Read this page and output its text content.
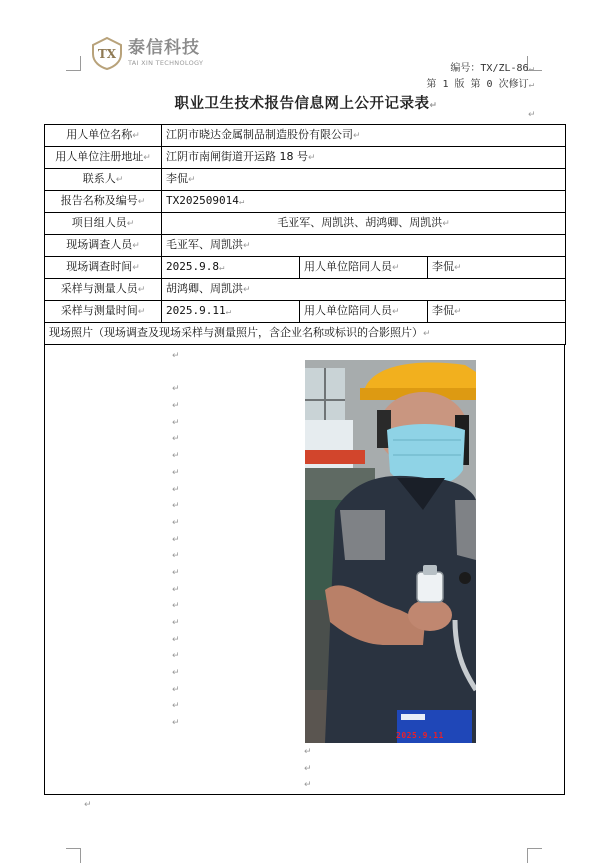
TX 泰信科技
TAI XIN TECHNOLOGY	编号：TX/ZL-86↵
第 1 版 第 0 次修订↵
职业卫生技术报告信息网上公开记录表↵
↵
用人单位名称↵	江阴市晓达金属制品制造股份有限公司↵		
用人单位注册地址↵	江阴市南闸街道开运路 18 号↵		
联系人↵	李侃↵		
报告名称及编号↵	TX202509014↵		
项目组人员↵	毛亚军、周凯洪、胡鸿卿、周凯洪↵		
现场调查人员↵	毛亚军、周凯洪↵		
现场调查时间↵	2025.9.8↵	用人单位陪同人员↵	李侃↵
采样与测量人员↵	胡鸿卿、周凯洪↵		
采样与测量时间↵	2025.9.11↵	用人单位陪同人员↵	李侃↵
现场照片（现场调查及现场采样与测量照片，含企业名称或标识的合影照片）↵			
↵
↵
↵
↵
↵
↵
↵
↵
↵
↵
↵
↵
↵
↵
↵
↵
↵
↵
↵
↵
↵
↵
↵
↵
↵
↵
2025.9.11
